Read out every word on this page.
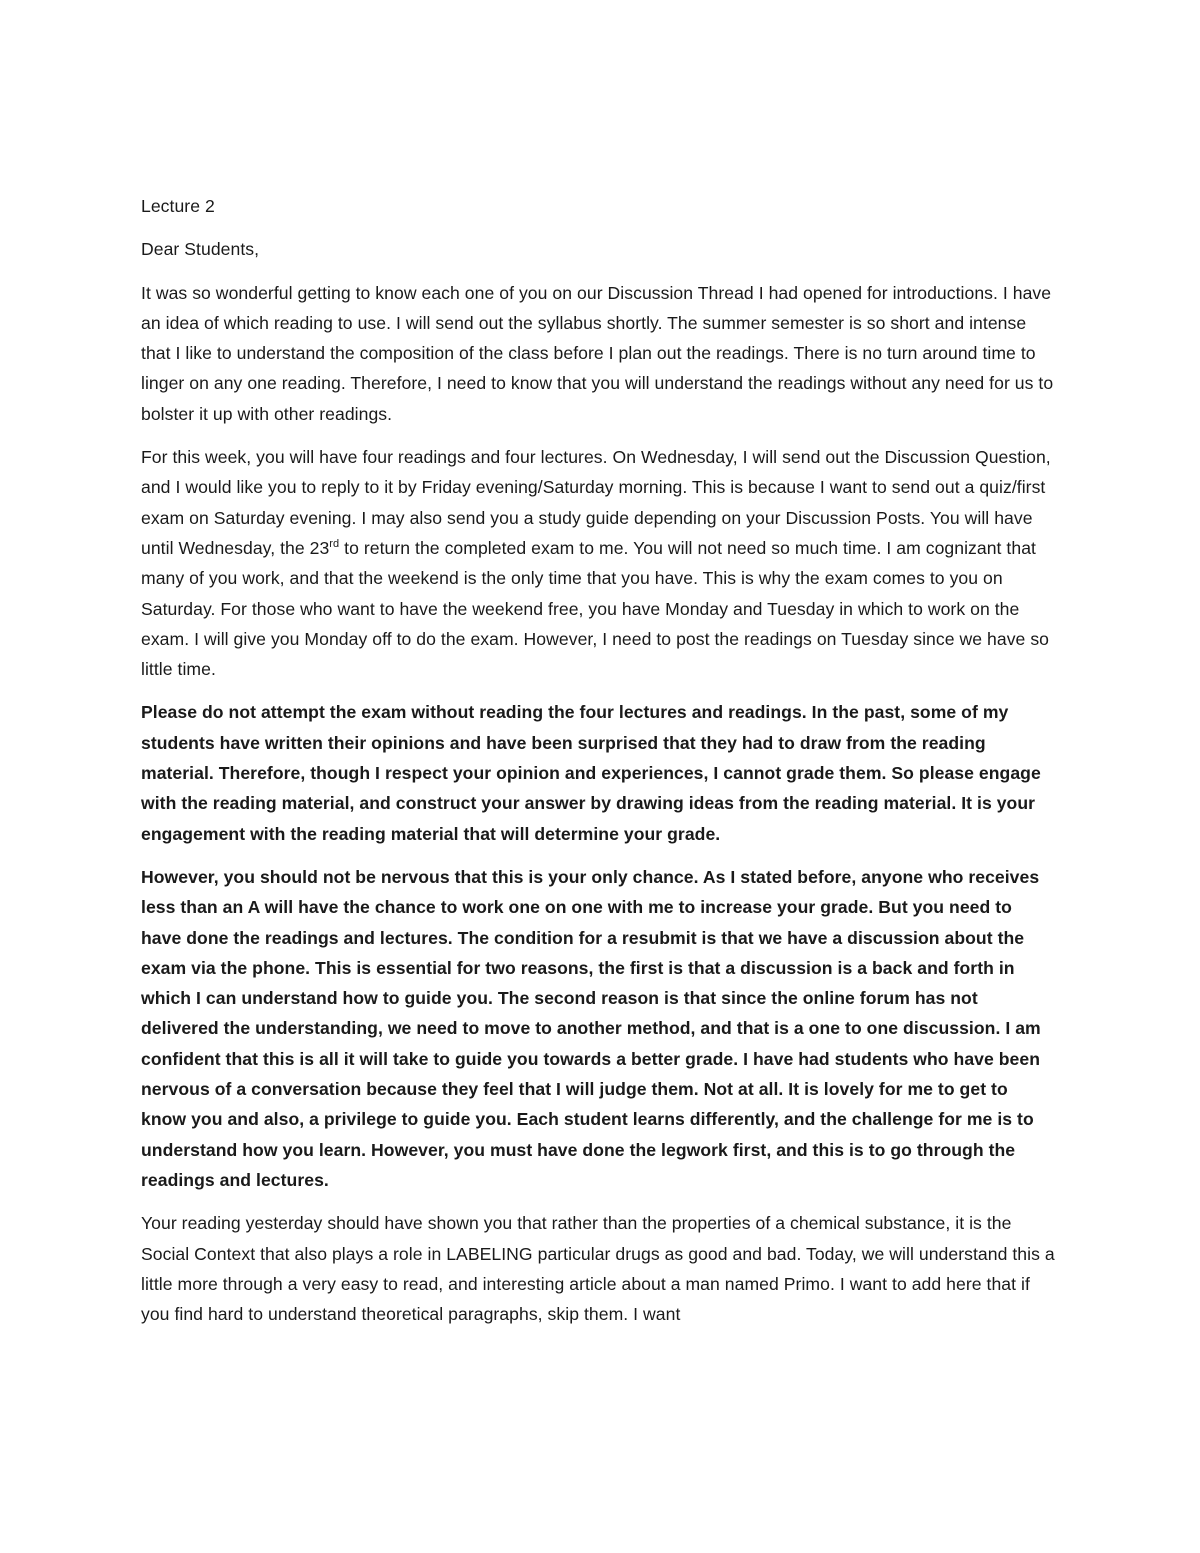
Lecture 2

Dear Students,

It was so wonderful getting to know each one of you on our Discussion Thread I had opened for introductions. I have an idea of which reading to use. I will send out the syllabus shortly. The summer semester is so short and intense that I like to understand the composition of the class before I plan out the readings. There is no turn around time to linger on any one reading. Therefore, I need to know that you will understand the readings without any need for us to bolster it up with other readings.

For this week, you will have four readings and four lectures. On Wednesday, I will send out the Discussion Question, and I would like you to reply to it by Friday evening/Saturday morning. This is because I want to send out a quiz/first exam on Saturday evening. I may also send you a study guide depending on your Discussion Posts. You will have until Wednesday, the 23rd to return the completed exam to me. You will not need so much time. I am cognizant that many of you work, and that the weekend is the only time that you have. This is why the exam comes to you on Saturday. For those who want to have the weekend free, you have Monday and Tuesday in which to work on the exam. I will give you Monday off to do the exam. However, I need to post the readings on Tuesday since we have so little time.

Please do not attempt the exam without reading the four lectures and readings. In the past, some of my students have written their opinions and have been surprised that they had to draw from the reading material. Therefore, though I respect your opinion and experiences, I cannot grade them. So please engage with the reading material, and construct your answer by drawing ideas from the reading material. It is your engagement with the reading material that will determine your grade.

However, you should not be nervous that this is your only chance. As I stated before, anyone who receives less than an A will have the chance to work one on one with me to increase your grade. But you need to have done the readings and lectures. The condition for a resubmit is that we have a discussion about the exam via the phone. This is essential for two reasons, the first is that a discussion is a back and forth in which I can understand how to guide you. The second reason is that since the online forum has not delivered the understanding, we need to move to another method, and that is a one to one discussion. I am confident that this is all it will take to guide you towards a better grade. I have had students who have been nervous of a conversation because they feel that I will judge them. Not at all. It is lovely for me to get to know you and also, a privilege to guide you. Each student learns differently, and the challenge for me is to understand how you learn. However, you must have done the legwork first, and this is to go through the readings and lectures.

Your reading yesterday should have shown you that rather than the properties of a chemical substance, it is the Social Context that also plays a role in LABELING particular drugs as good and bad. Today, we will understand this a little more through a very easy to read, and interesting article about a man named Primo. I want to add here that if you find hard to understand theoretical paragraphs, skip them. I want
